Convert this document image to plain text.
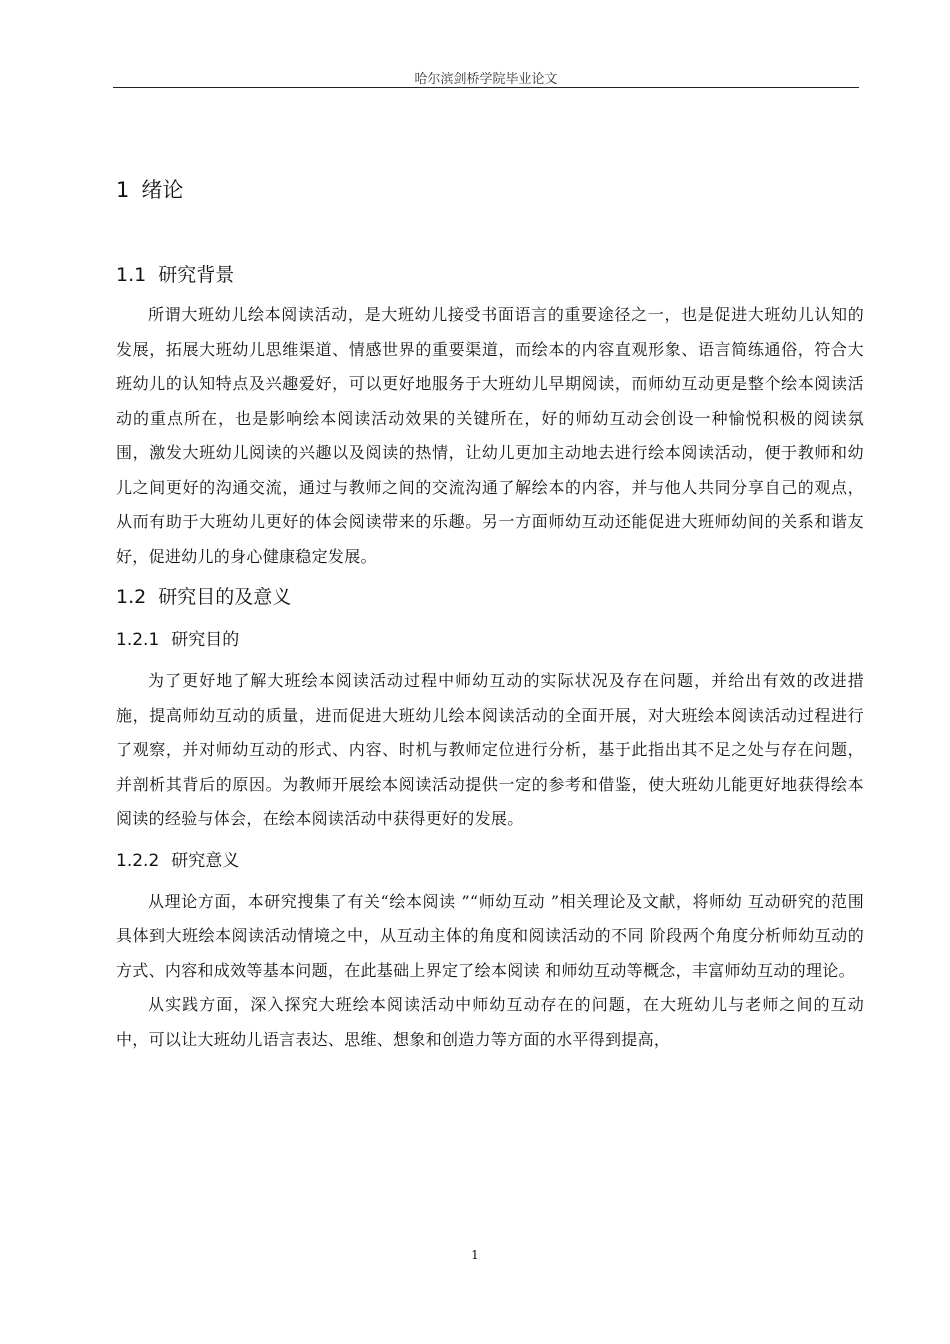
哈尔滨剑桥学院毕业论文
1 绪论
1.1 研究背景

所谓大班幼儿绘本阅读活动，是大班幼儿接受书面语言的重要途径之一，也是促进大班幼儿认知的发展，拓展大班幼儿思维渠道、情感世界的重要渠道，而绘本的内容直观形象、语言简练通俗，符合大班幼儿的认知特点及兴趣爱好，可以更好地服务于大班幼儿早期阅读，而师幼互动更是整个绘本阅读活动的重点所在，也是影响绘本阅读活动效果的关键所在，好的师幼互动会创设一种愉悦积极的阅读氛围，激发大班幼儿阅读的兴趣以及阅读的热情，让幼儿更加主动地去进行绘本阅读活动，便于教师和幼儿之间更好的沟通交流，通过与教师之间的交流沟通了解绘本的内容，并与他人共同分享自己的观点，从而有助于大班幼儿更好的体会阅读带来的乐趣。另一方面师幼互动还能促进大班师幼间的关系和谐友好，促进幼儿的身心健康稳定发展。

1.2 研究目的及意义
1.2.1 研究目的

为了更好地了解大班绘本阅读活动过程中师幼互动的实际状况及存在问题，并给出有效的改进措施，提高师幼互动的质量，进而促进大班幼儿绘本阅读活动的全面开展，对大班绘本阅读活动过程进行了观察，并对师幼互动的形式、内容、时机与教师定位进行分析，基于此指出其不足之处与存在问题，并剖析其背后的原因。为教师开展绘本阅读活动提供一定的参考和借鉴，使大班幼儿能更好地获得绘本阅读的经验与体会，在绘本阅读活动中获得更好的发展。

1.2.2 研究意义

从理论方面，本研究搜集了有关“绘本阅读 ”“师幼互动 ”相关理论及文献，将师幼 互动研究的范围具体到大班绘本阅读活动情境之中，从互动主体的角度和阅读活动的不同 阶段两个角度分析师幼互动的方式、内容和成效等基本问题，在此基础上界定了绘本阅读 和师幼互动等概念，丰富师幼互动的理论。

从实践方面，深入探究大班绘本阅读活动中师幼互动存在的问题，在大班幼儿与老师之间的互动中，可以让大班幼儿语言表达、思维、想象和创造力等方面的水平得到提高，

1
